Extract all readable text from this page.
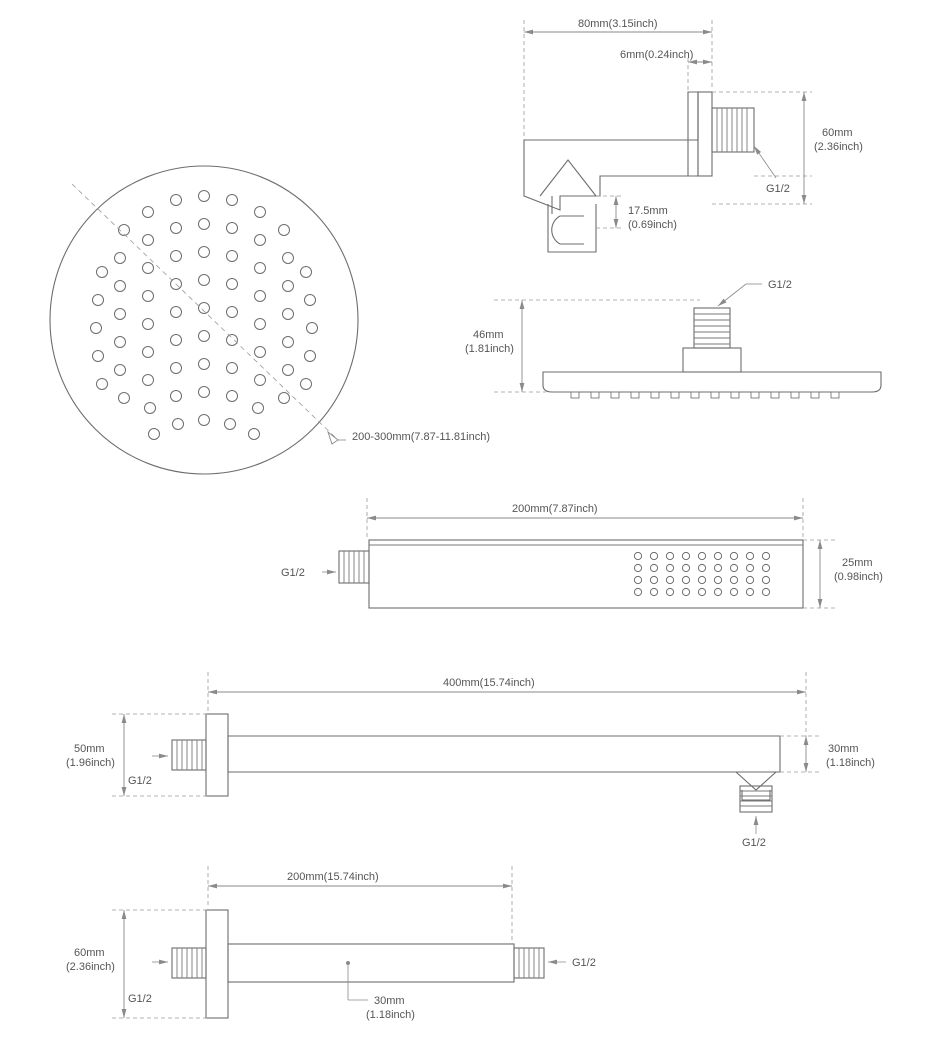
200-300mm(7.87-11.81inch)
80mm(3.15inch)
6mm(0.24inch)
60mm
(2.36inch)
G1/2
17.5mm
(0.69inch)
G1/2
46mm
(1.81inch)
200mm(7.87inch)
25mm
(0.98inch)
G1/2
400mm(15.74inch)
50mm
(1.96inch)
30mm
(1.18inch)
G1/2
G1/2
200mm(15.74inch)
60mm
(2.36inch)
G1/2
G1/2
30mm
(1.18inch)
